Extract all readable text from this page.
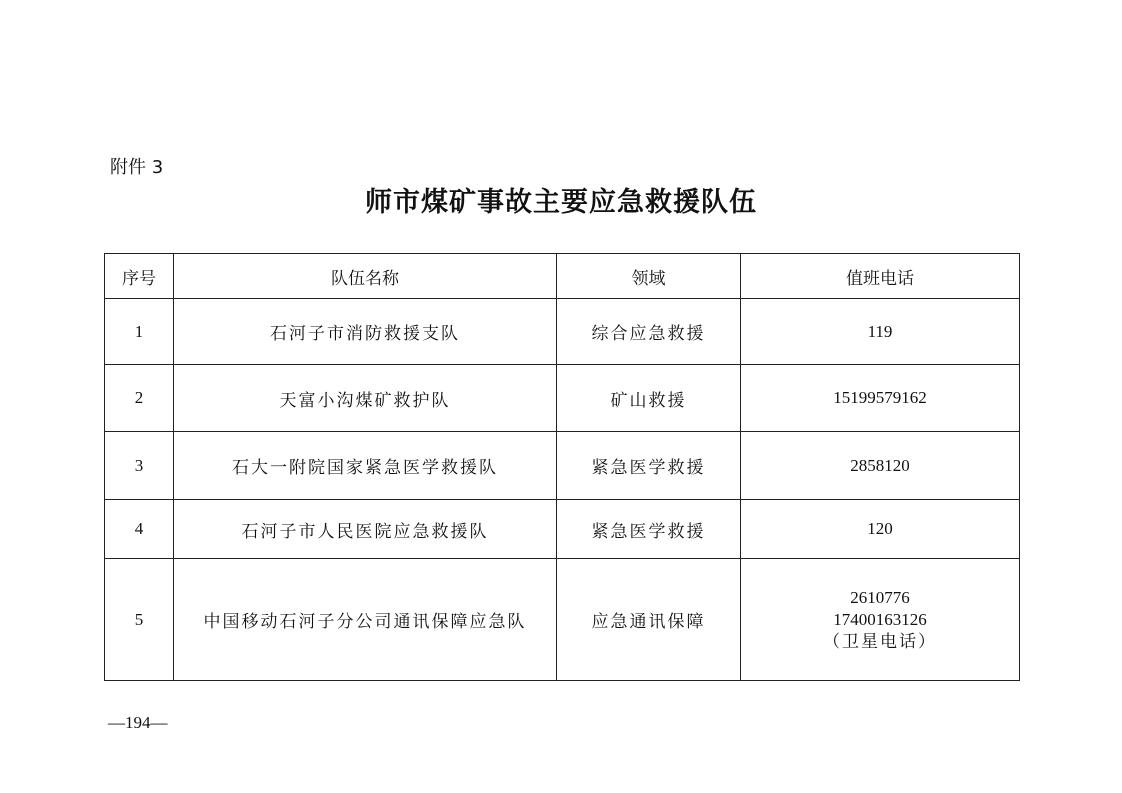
附件 3
师市煤矿事故主要应急救援队伍
序号	队伍名称	领域	值班电话
1	石河子市消防救援支队	综合应急救援	119

2	天富小沟煤矿救护队	矿山救援	15199579162

3	石大一附院国家紧急医学救援队	紧急医学救援	2858120

4	石河子市人民医院应急救援队	紧急医学救援	120

5	中国移动石河子分公司通讯保障应急队	应急通讯保障	2610776
17400163126
（卫星电话）
—194—
